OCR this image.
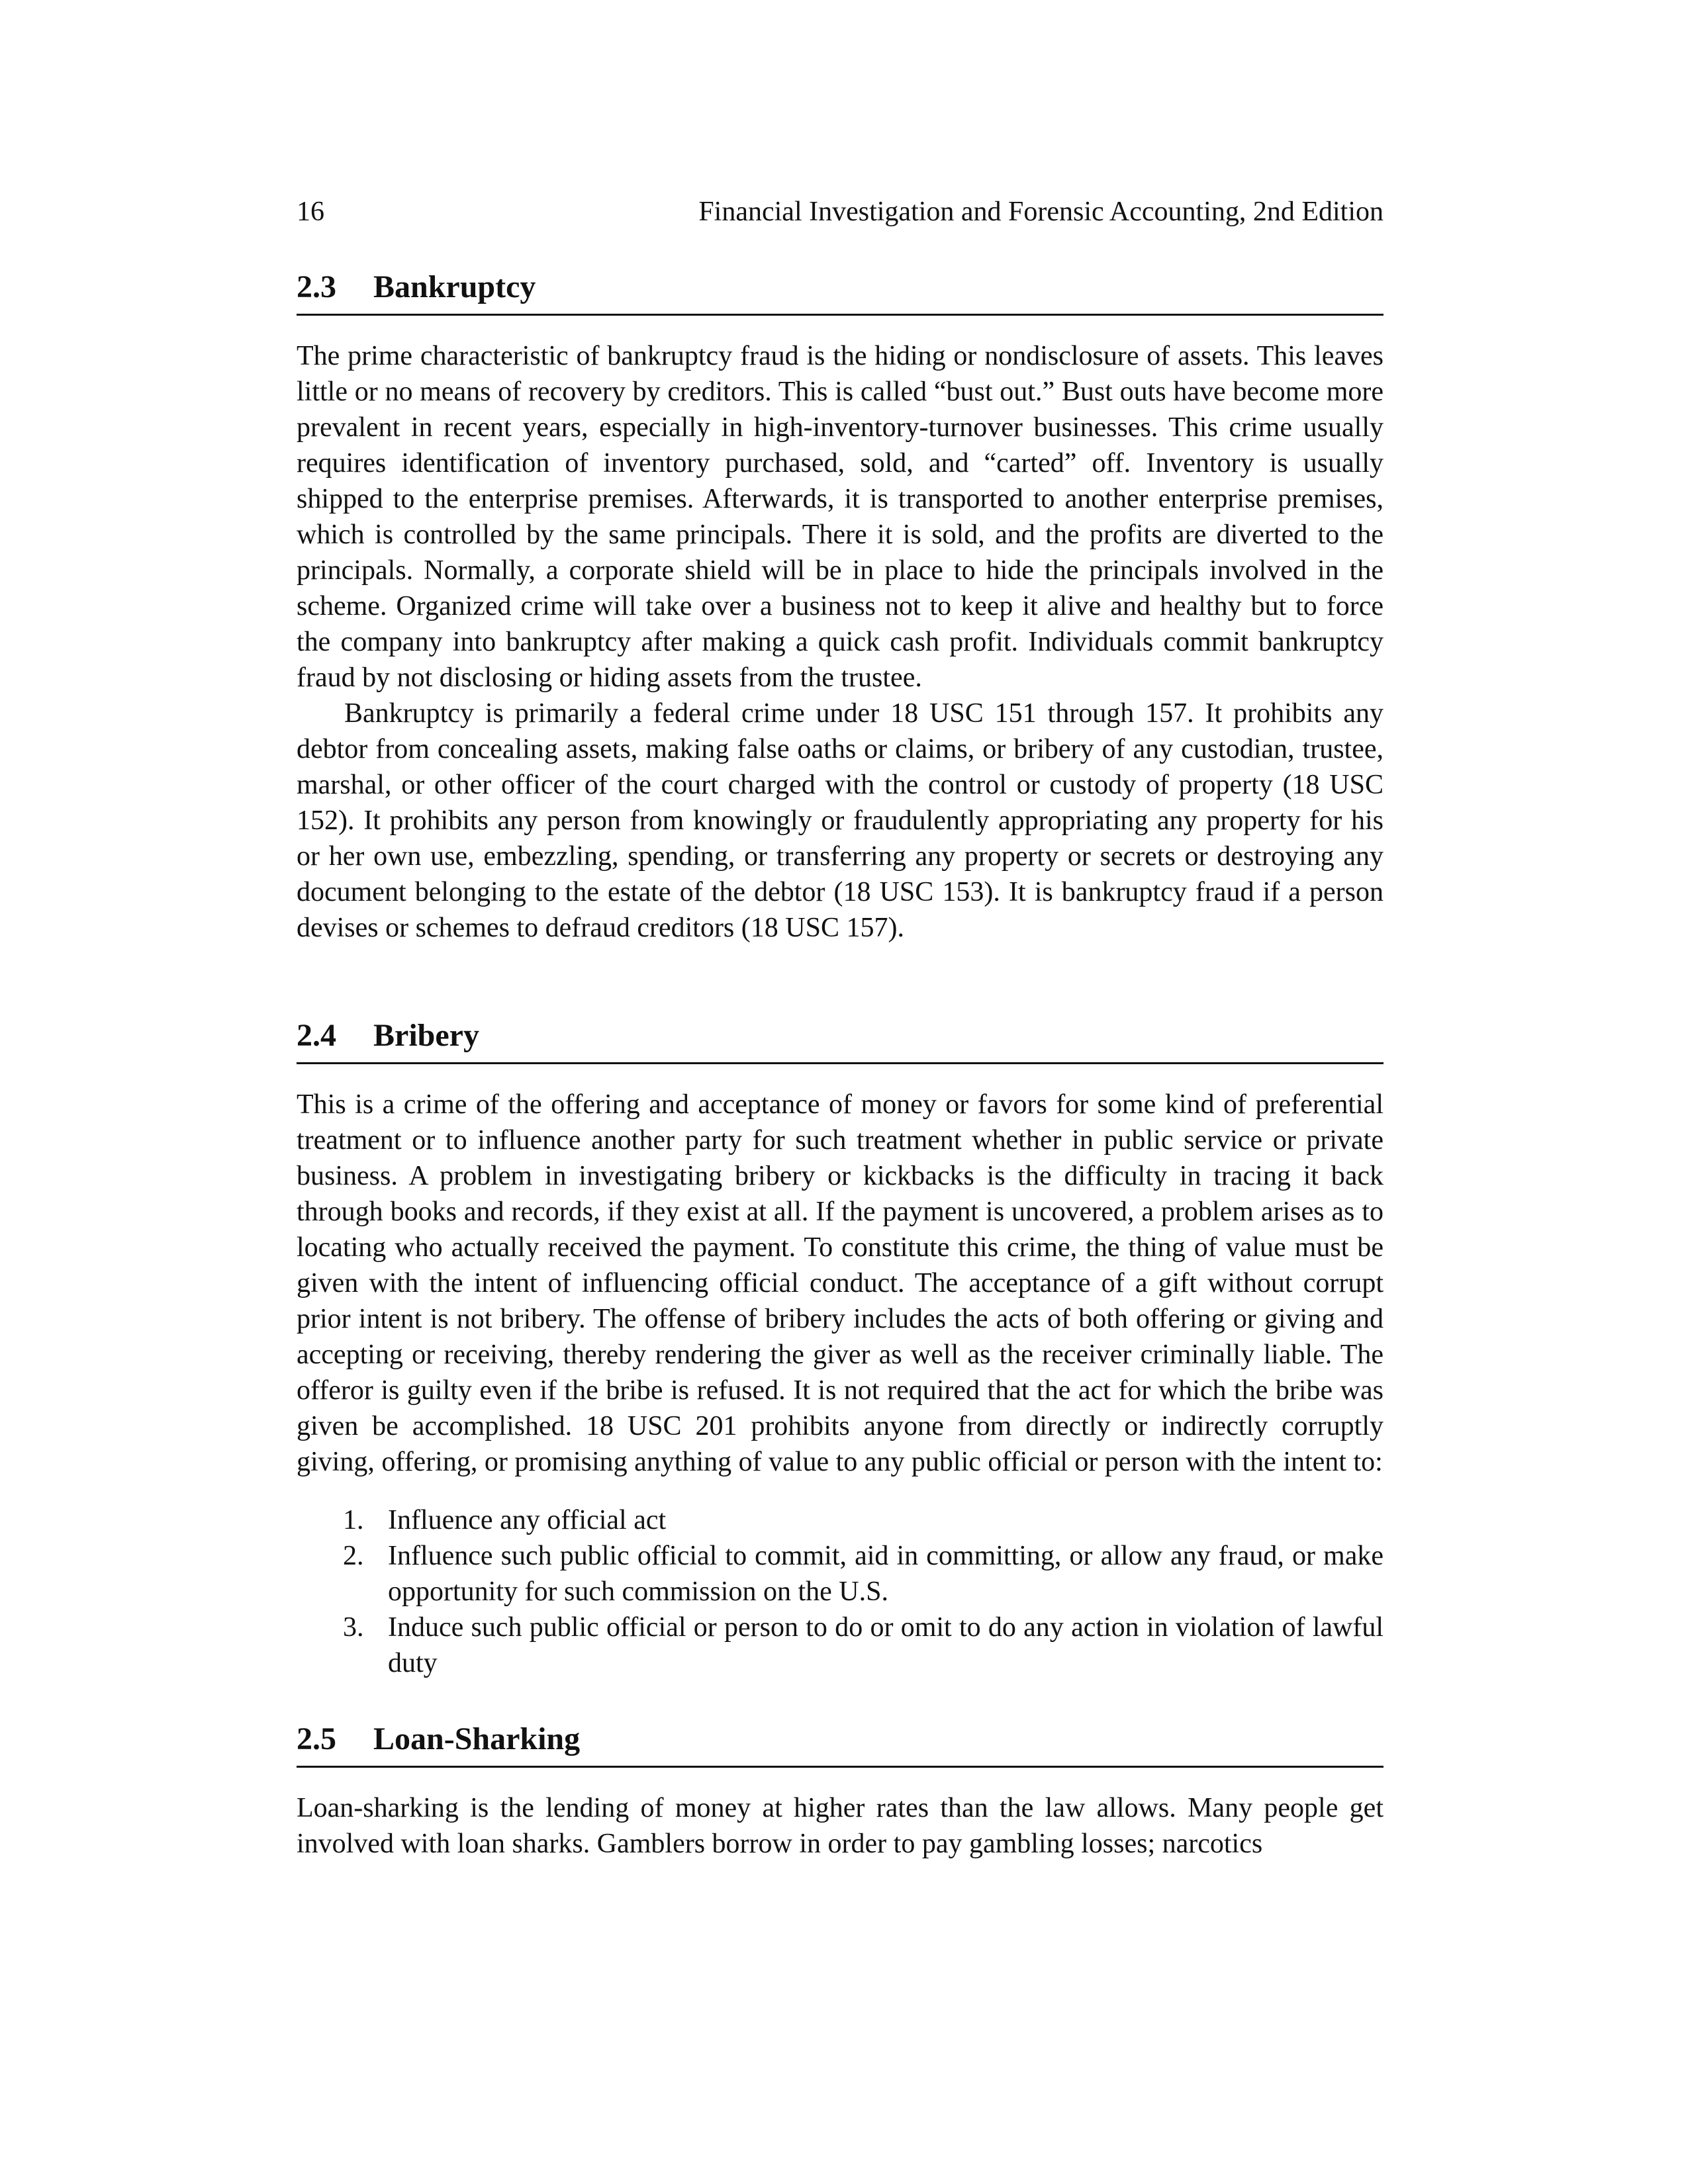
16	Financial Investigation and Forensic Accounting, 2nd Edition
2.3	Bankruptcy

The prime characteristic of bankruptcy fraud is the hiding or nondisclosure of assets. This leaves little or no means of recovery by creditors. This is called “bust out.” Bust outs have become more prevalent in recent years, especially in high-inventory-turnover businesses. This crime usually requires identification of inventory purchased, sold, and “carted” off. Inventory is usually shipped to the enterprise premises. Afterwards, it is transported to another enterprise premises, which is controlled by the same principals. There it is sold, and the profits are diverted to the principals. Normally, a corporate shield will be in place to hide the principals involved in the scheme. Organized crime will take over a business not to keep it alive and healthy but to force the company into bankruptcy after making a quick cash profit. Individuals commit bankruptcy fraud by not disclosing or hiding assets from the trustee.

Bankruptcy is primarily a federal crime under 18 USC 151 through 157. It prohibits any debtor from concealing assets, making false oaths or claims, or bribery of any custodian, trustee, marshal, or other officer of the court charged with the control or custody of property (18 USC 152). It prohibits any person from knowingly or fraudulently appropriating any property for his or her own use, embezzling, spending, or transferring any property or secrets or destroying any document belonging to the estate of the debtor (18 USC 153). It is bankruptcy fraud if a person devises or schemes to defraud creditors (18 USC 157).

2.4	Bribery

This is a crime of the offering and acceptance of money or favors for some kind of preferential treatment or to influence another party for such treatment whether in public service or private business. A problem in investigating bribery or kickbacks is the difficulty in tracing it back through books and records, if they exist at all. If the payment is uncovered, a problem arises as to locating who actually received the payment. To constitute this crime, the thing of value must be given with the intent of influencing official conduct. The acceptance of a gift without corrupt prior intent is not bribery. The offense of bribery includes the acts of both offering or giving and accepting or receiving, thereby rendering the giver as well as the receiver criminally liable. The offeror is guilty even if the bribe is refused. It is not required that the act for which the bribe was given be accomplished. 18 USC 201 prohibits anyone from directly or indirectly corruptly giving, offering, or promising anything of value to any public official or person with the intent to:

1. Influence any official act
2. Influence such public official to commit, aid in committing, or allow any fraud, or make opportunity for such commission on the U.S.
3. Induce such public official or person to do or omit to do any action in violation of lawful duty
2.5	Loan-Sharking

Loan-sharking is the lending of money at higher rates than the law allows. Many people get involved with loan sharks. Gamblers borrow in order to pay gambling losses; narcotics
